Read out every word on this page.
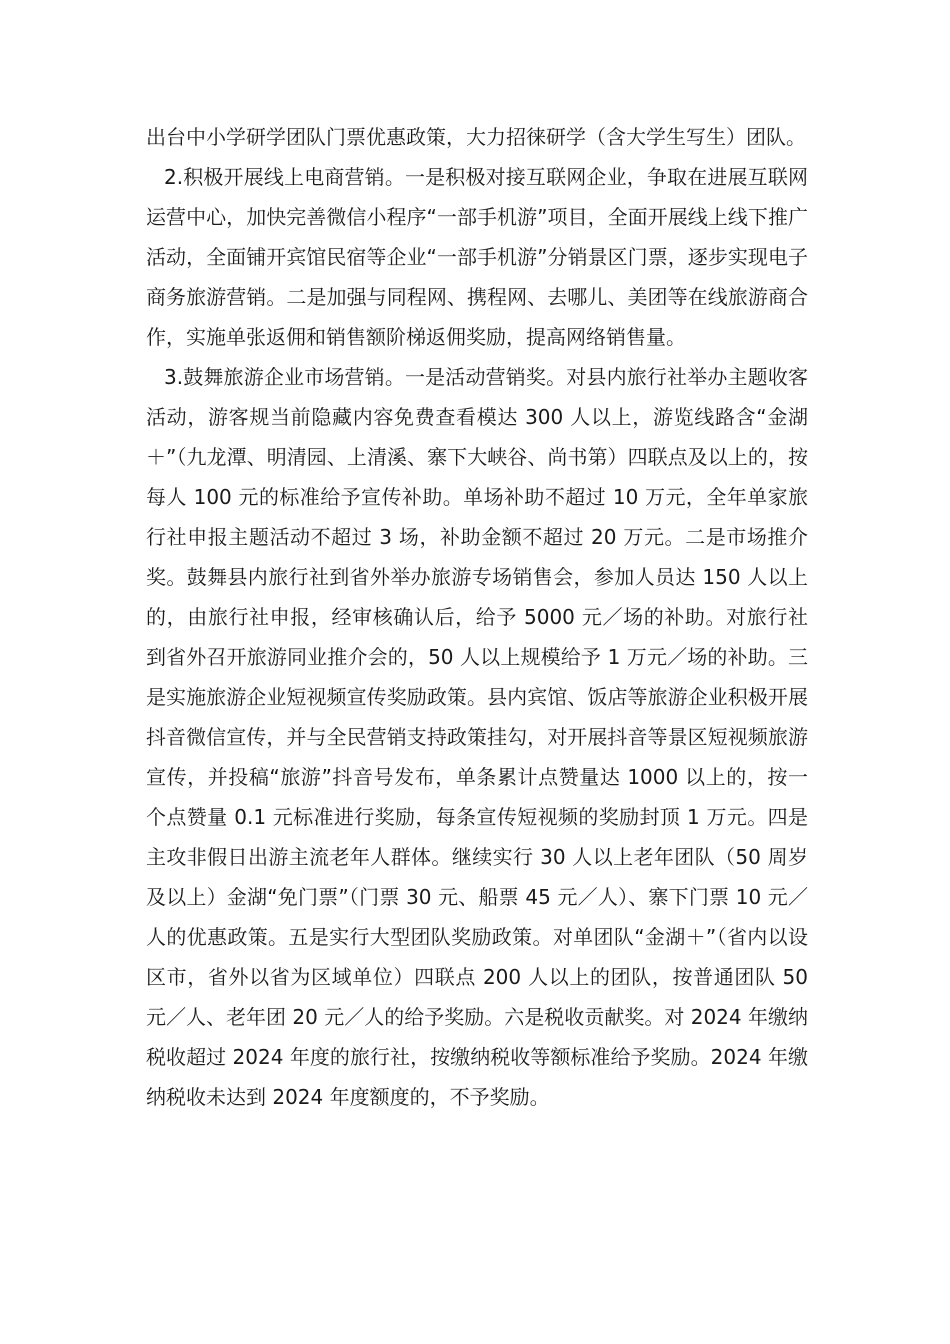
出台中小学研学团队门票优惠政策，大力招徕研学（含大学生写生）团队。

2.积极开展线上电商营销。一是积极对接互联网企业，争取在进展互联网运营中心，加快完善微信小程序“一部手机游”项目，全面开展线上线下推广活动，全面铺开宾馆民宿等企业“一部手机游”分销景区门票，逐步实现电子商务旅游营销。二是加强与同程网、携程网、去哪儿、美团等在线旅游商合作，实施单张返佣和销售额阶梯返佣奖励，提高网络销售量。

3.鼓舞旅游企业市场营销。一是活动营销奖。对县内旅行社举办主题收客活动，游客规当前隐藏内容免费查看模达 300 人以上，游览线路含“金湖＋”（九龙潭、明清园、上清溪、寨下大峡谷、尚书第）四联点及以上的，按每人 100 元的标准给予宣传补助。单场补助不超过 10 万元，全年单家旅行社申报主题活动不超过 3 场，补助金额不超过 20 万元。二是市场推介奖。鼓舞县内旅行社到省外举办旅游专场销售会，参加人员达 150 人以上的，由旅行社申报，经审核确认后，给予 5000 元／场的补助。对旅行社到省外召开旅游同业推介会的，50 人以上规模给予 1 万元／场的补助。三是实施旅游企业短视频宣传奖励政策。县内宾馆、饭店等旅游企业积极开展抖音微信宣传，并与全民营销支持政策挂勾，对开展抖音等景区短视频旅游宣传，并投稿“旅游”抖音号发布，单条累计点赞量达 1000 以上的，按一个点赞量 0.1 元标准进行奖励，每条宣传短视频的奖励封顶 1 万元。四是主攻非假日出游主流老年人群体。继续实行 30 人以上老年团队（50 周岁及以上）金湖“免门票”（门票 30 元、船票 45 元／人）、寨下门票 10 元／人的优惠政策。五是实行大型团队奖励政策。对单团队“金湖＋”（省内以设区市，省外以省为区域单位）四联点 200 人以上的团队，按普通团队 50 元／人、老年团 20 元／人的给予奖励。六是税收贡献奖。对 2024 年缴纳税收超过 2024 年度的旅行社，按缴纳税收等额标准给予奖励。2024 年缴纳税收未达到 2024 年度额度的，不予奖励。
